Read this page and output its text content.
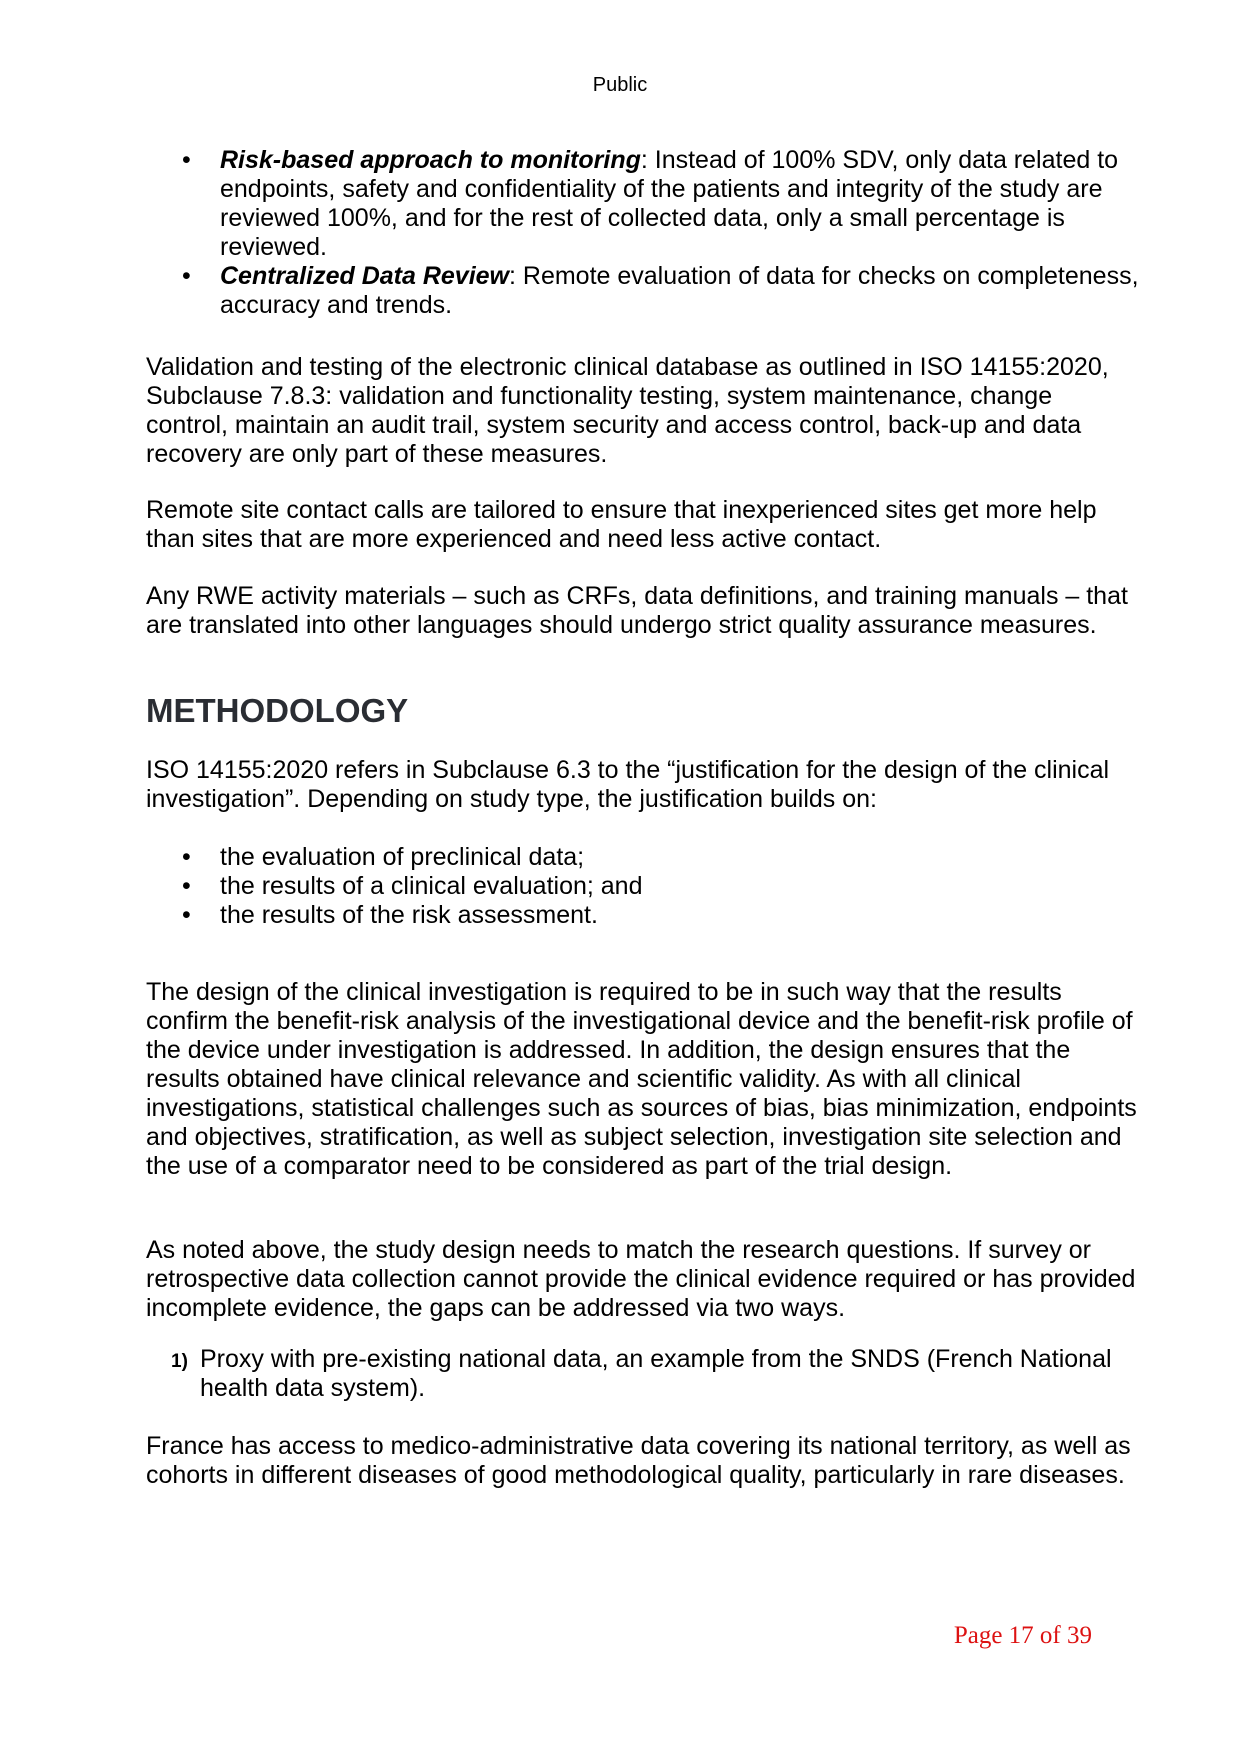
Public
• Risk-based approach to monitoring: Instead of 100% SDV, only data related to endpoints, safety and confidentiality of the patients and integrity of the study are reviewed 100%, and for the rest of collected data, only a small percentage is reviewed.
• Centralized Data Review: Remote evaluation of data for checks on completeness, accuracy and trends.
Validation and testing of the electronic clinical database as outlined in ISO 14155:2020, Subclause 7.8.3: validation and functionality testing, system maintenance, change control, maintain an audit trail, system security and access control, back-up and data recovery are only part of these measures.
Remote site contact calls are tailored to ensure that inexperienced sites get more help than sites that are more experienced and need less active contact.
Any RWE activity materials – such as CRFs, data definitions, and training manuals – that are translated into other languages should undergo strict quality assurance measures.
METHODOLOGY
ISO 14155:2020 refers in Subclause 6.3 to the “justification for the design of the clinical investigation”. Depending on study type, the justification builds on:
• the evaluation of preclinical data;
• the results of a clinical evaluation; and
• the results of the risk assessment.
The design of the clinical investigation is required to be in such way that the results confirm the benefit-risk analysis of the investigational device and the benefit-risk profile of the device under investigation is addressed. In addition, the design ensures that the results obtained have clinical relevance and scientific validity. As with all clinical investigations, statistical challenges such as sources of bias, bias minimization, endpoints and objectives, stratification, as well as subject selection, investigation site selection and the use of a comparator need to be considered as part of the trial design.
As noted above, the study design needs to match the research questions. If survey or retrospective data collection cannot provide the clinical evidence required or has provided incomplete evidence, the gaps can be addressed via two ways.
1) Proxy with pre-existing national data, an example from the SNDS (French National health data system).
France has access to medico-administrative data covering its national territory, as well as cohorts in different diseases of good methodological quality, particularly in rare diseases.
Page 17 of 39
